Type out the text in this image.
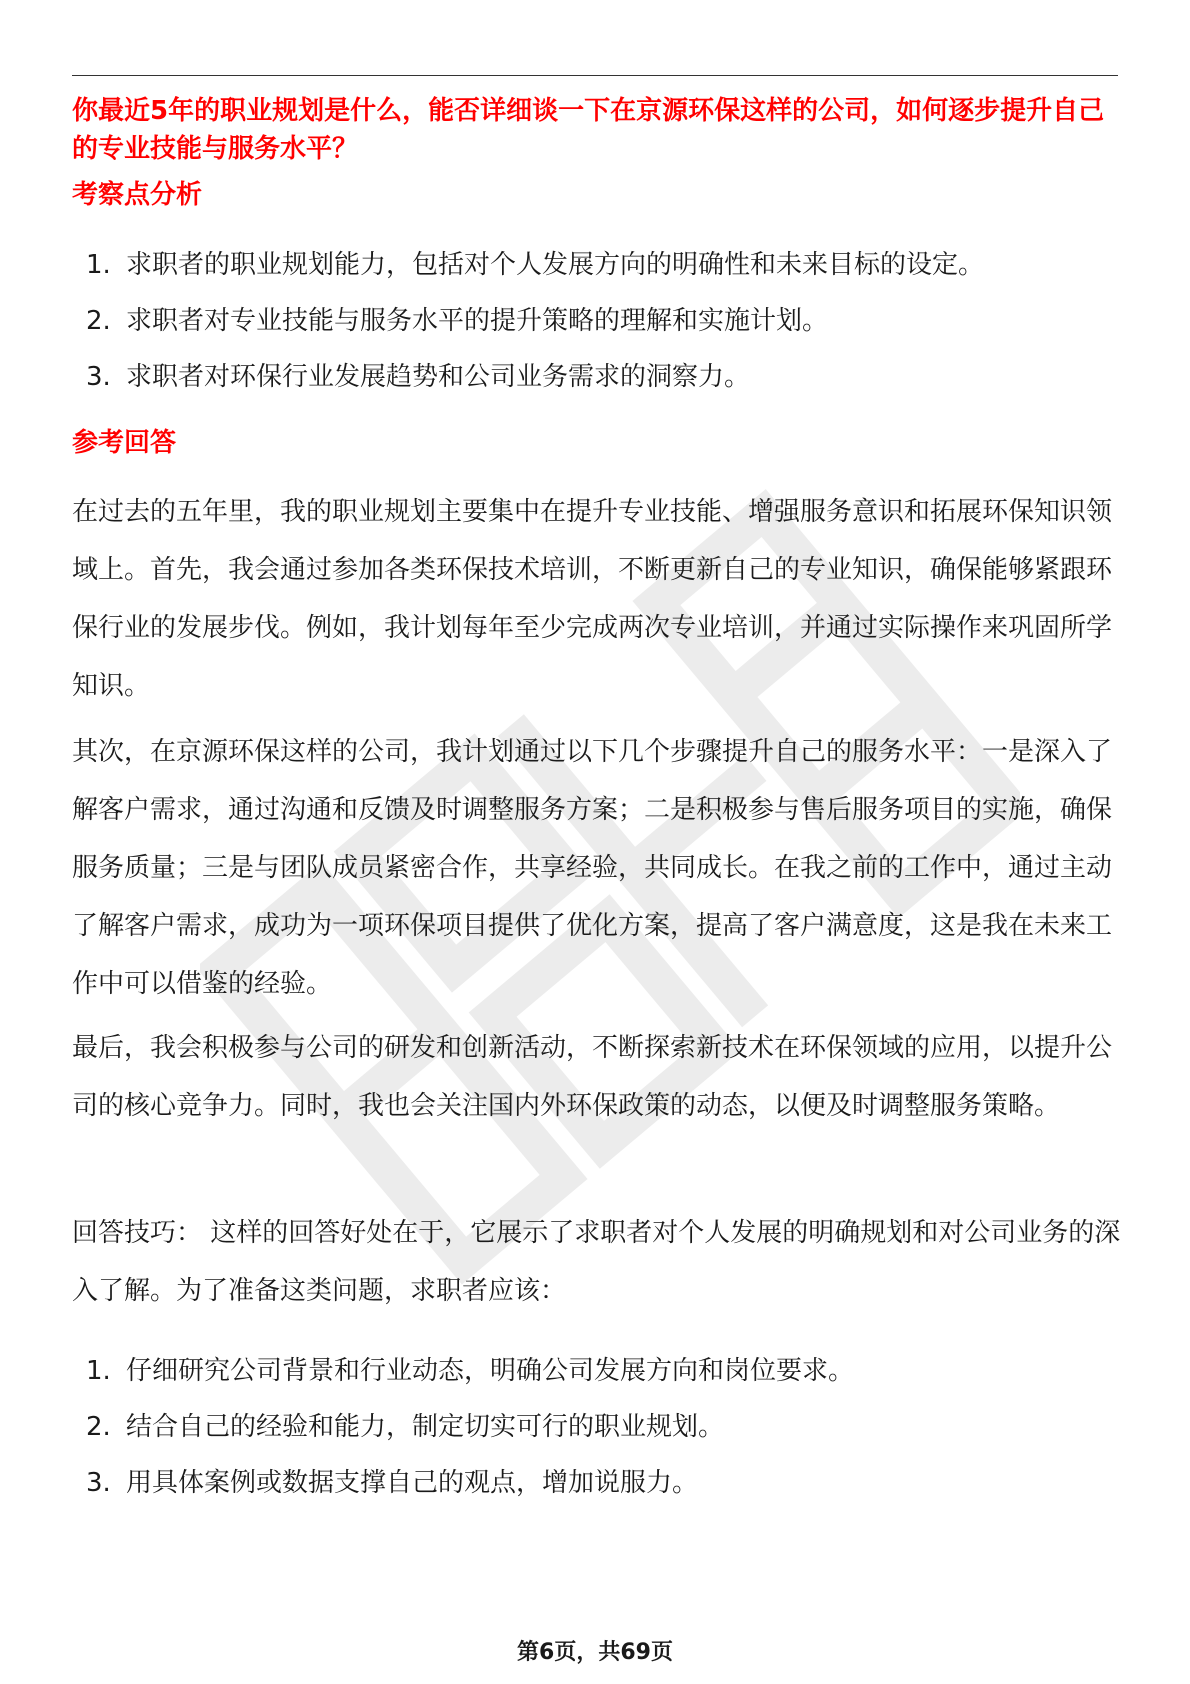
你最近5年的职业规划是什么，能否详细谈一下在京源环保这样的公司，如何逐步提升自己的专业技能与服务水平？
考察点分析
1. 求职者的职业规划能力，包括对个人发展方向的明确性和未来目标的设定。
2. 求职者对专业技能与服务水平的提升策略的理解和实施计划。
3. 求职者对环保行业发展趋势和公司业务需求的洞察力。
参考回答

在过去的五年里，我的职业规划主要集中在提升专业技能、增强服务意识和拓展环保知识领域上。首先，我会通过参加各类环保技术培训，不断更新自己的专业知识，确保能够紧跟环保行业的发展步伐。例如，我计划每年至少完成两次专业培训，并通过实际操作来巩固所学知识。

其次，在京源环保这样的公司，我计划通过以下几个步骤提升自己的服务水平：一是深入了解客户需求，通过沟通和反馈及时调整服务方案；二是积极参与售后服务项目的实施，确保服务质量；三是与团队成员紧密合作，共享经验，共同成长。在我之前的工作中，通过主动了解客户需求，成功为一项环保项目提供了优化方案，提高了客户满意度，这是我在未来工作中可以借鉴的经验。

最后，我会积极参与公司的研发和创新活动，不断探索新技术在环保领域的应用，以提升公司的核心竞争力。同时，我也会关注国内外环保政策的动态，以便及时调整服务策略。

回答技巧： 这样的回答好处在于，它展示了求职者对个人发展的明确规划和对公司业务的深入了解。为了准备这类问题，求职者应该：

1. 仔细研究公司背景和行业动态，明确公司发展方向和岗位要求。
2. 结合自己的经验和能力，制定切实可行的职业规划。
3. 用具体案例或数据支撑自己的观点，增加说服力。
第6页，共69页
